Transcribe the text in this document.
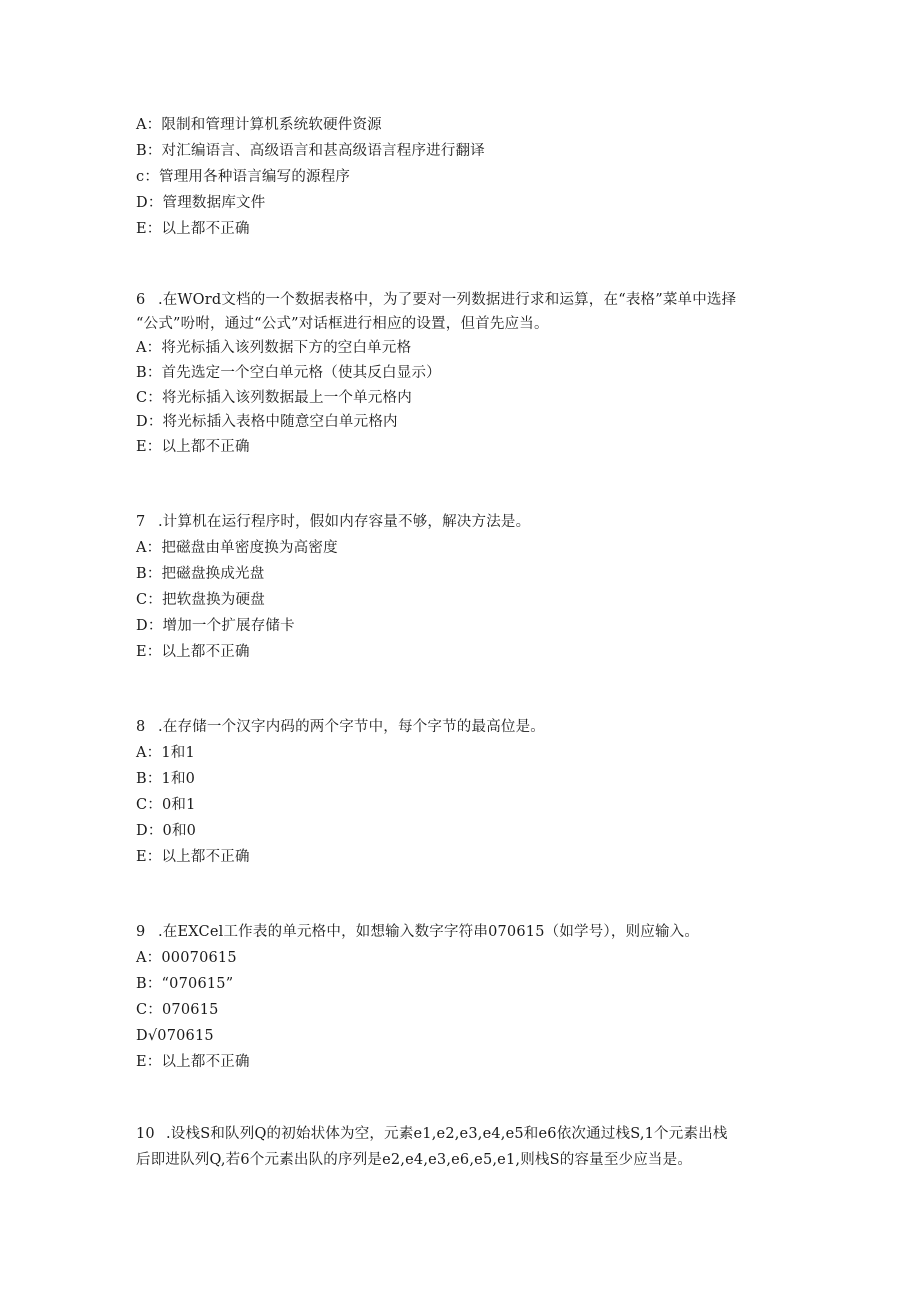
A：限制和管理计算机系统软硬件资源
B：对汇编语言、高级语言和甚高级语言程序进行翻译
c：管理用各种语言编写的源程序
D：管理数据库文件
E：以上都不正确
6 .在WOrd文档的一个数据表格中，为了要对一列数据进行求和运算，在“表格”菜单中选择
“公式”吩咐，通过“公式”对话框进行相应的设置，但首先应当。
A：将光标插入该列数据下方的空白单元格
B：首先选定一个空白单元格（使其反白显示）
C：将光标插入该列数据最上一个单元格内
D：将光标插入表格中随意空白单元格内
E：以上都不正确
7 .计算机在运行程序时，假如内存容量不够，解决方法是。
A：把磁盘由单密度换为高密度
B：把磁盘换成光盘
C：把软盘换为硬盘
D：增加一个扩展存储卡
E：以上都不正确
8 .在存储一个汉字内码的两个字节中，每个字节的最高位是。
A：1和1
B：1和0
C：0和1
D：0和0
E：以上都不正确
9 .在EXCel工作表的单元格中，如想输入数字字符串070615（如学号），则应输入。
A：00070615
B：“070615”
C：070615
D√070615
E：以上都不正确
10 .设栈S和队列Q的初始状体为空，元素e1,e2,e3,e4,e5和e6依次通过栈S,1个元素出栈
后即进队列Q,若6个元素出队的序列是e2,e4,e3,e6,e5,e1,则栈S的容量至少应当是。
